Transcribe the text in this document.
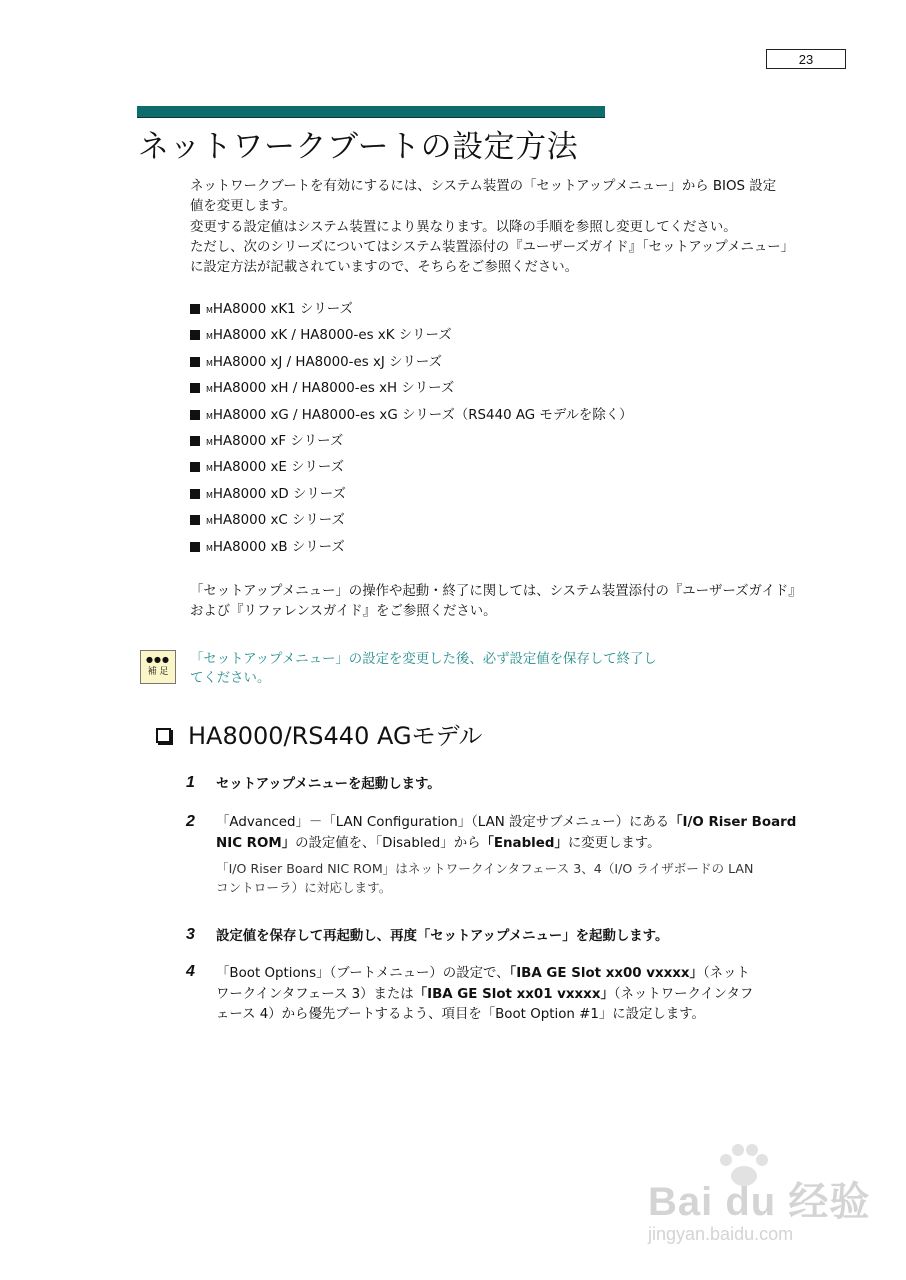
23
ネットワークブートの設定方法
ネットワークブートを有効にするには、システム装置の「セットアップメニュー」から BIOS 設定
値を変更します。
変更する設定値はシステム装置により異なります。以降の手順を参照し変更してください。
ただし、次のシリーズについてはシステム装置添付の『ユーザーズガイド』「セットアップメニュー」
に設定方法が記載されていますので、そちらをご参照ください。
MHA8000 xK1 シリーズ
MHA8000 xK / HA8000-es xK シリーズ
MHA8000 xJ / HA8000-es xJ シリーズ
MHA8000 xH / HA8000-es xH シリーズ
MHA8000 xG / HA8000-es xG シリーズ（RS440 AG モデルを除く）
MHA8000 xF シリーズ
MHA8000 xE シリーズ
MHA8000 xD シリーズ
MHA8000 xC シリーズ
MHA8000 xB シリーズ
「セットアップメニュー」の操作や起動・終了に関しては、システム装置添付の『ユーザーズガイド』
および『リファレンスガイド』をご参照ください。
●●●
補 足
「セットアップメニュー」の設定を変更した後、必ず設定値を保存して終了し
てください。
HA8000/RS440 AGモデル
1 セットアップメニューを起動します。
2 「Advanced」－「LAN Configuration」（LAN 設定サブメニュー）にある「I/O Riser Board
NIC ROM」の設定値を、「Disabled」から「Enabled」に変更します。
「I/O Riser Board NIC ROM」はネットワークインタフェース 3、4（I/O ライザボードの LAN
コントローラ）に対応します。
3 設定値を保存して再起動し、再度「セットアップメニュー」を起動します。
4 「Boot Options」（ブートメニュー）の設定で、「IBA GE Slot xx00 vxxxx」（ネット
ワークインタフェース 3）または「IBA GE Slot xx01 vxxxx」（ネットワークインタフ
ェース 4）から優先ブートするよう、項目を「Boot Option #1」に設定します。
Bai du 经验
jingyan.baidu.com
